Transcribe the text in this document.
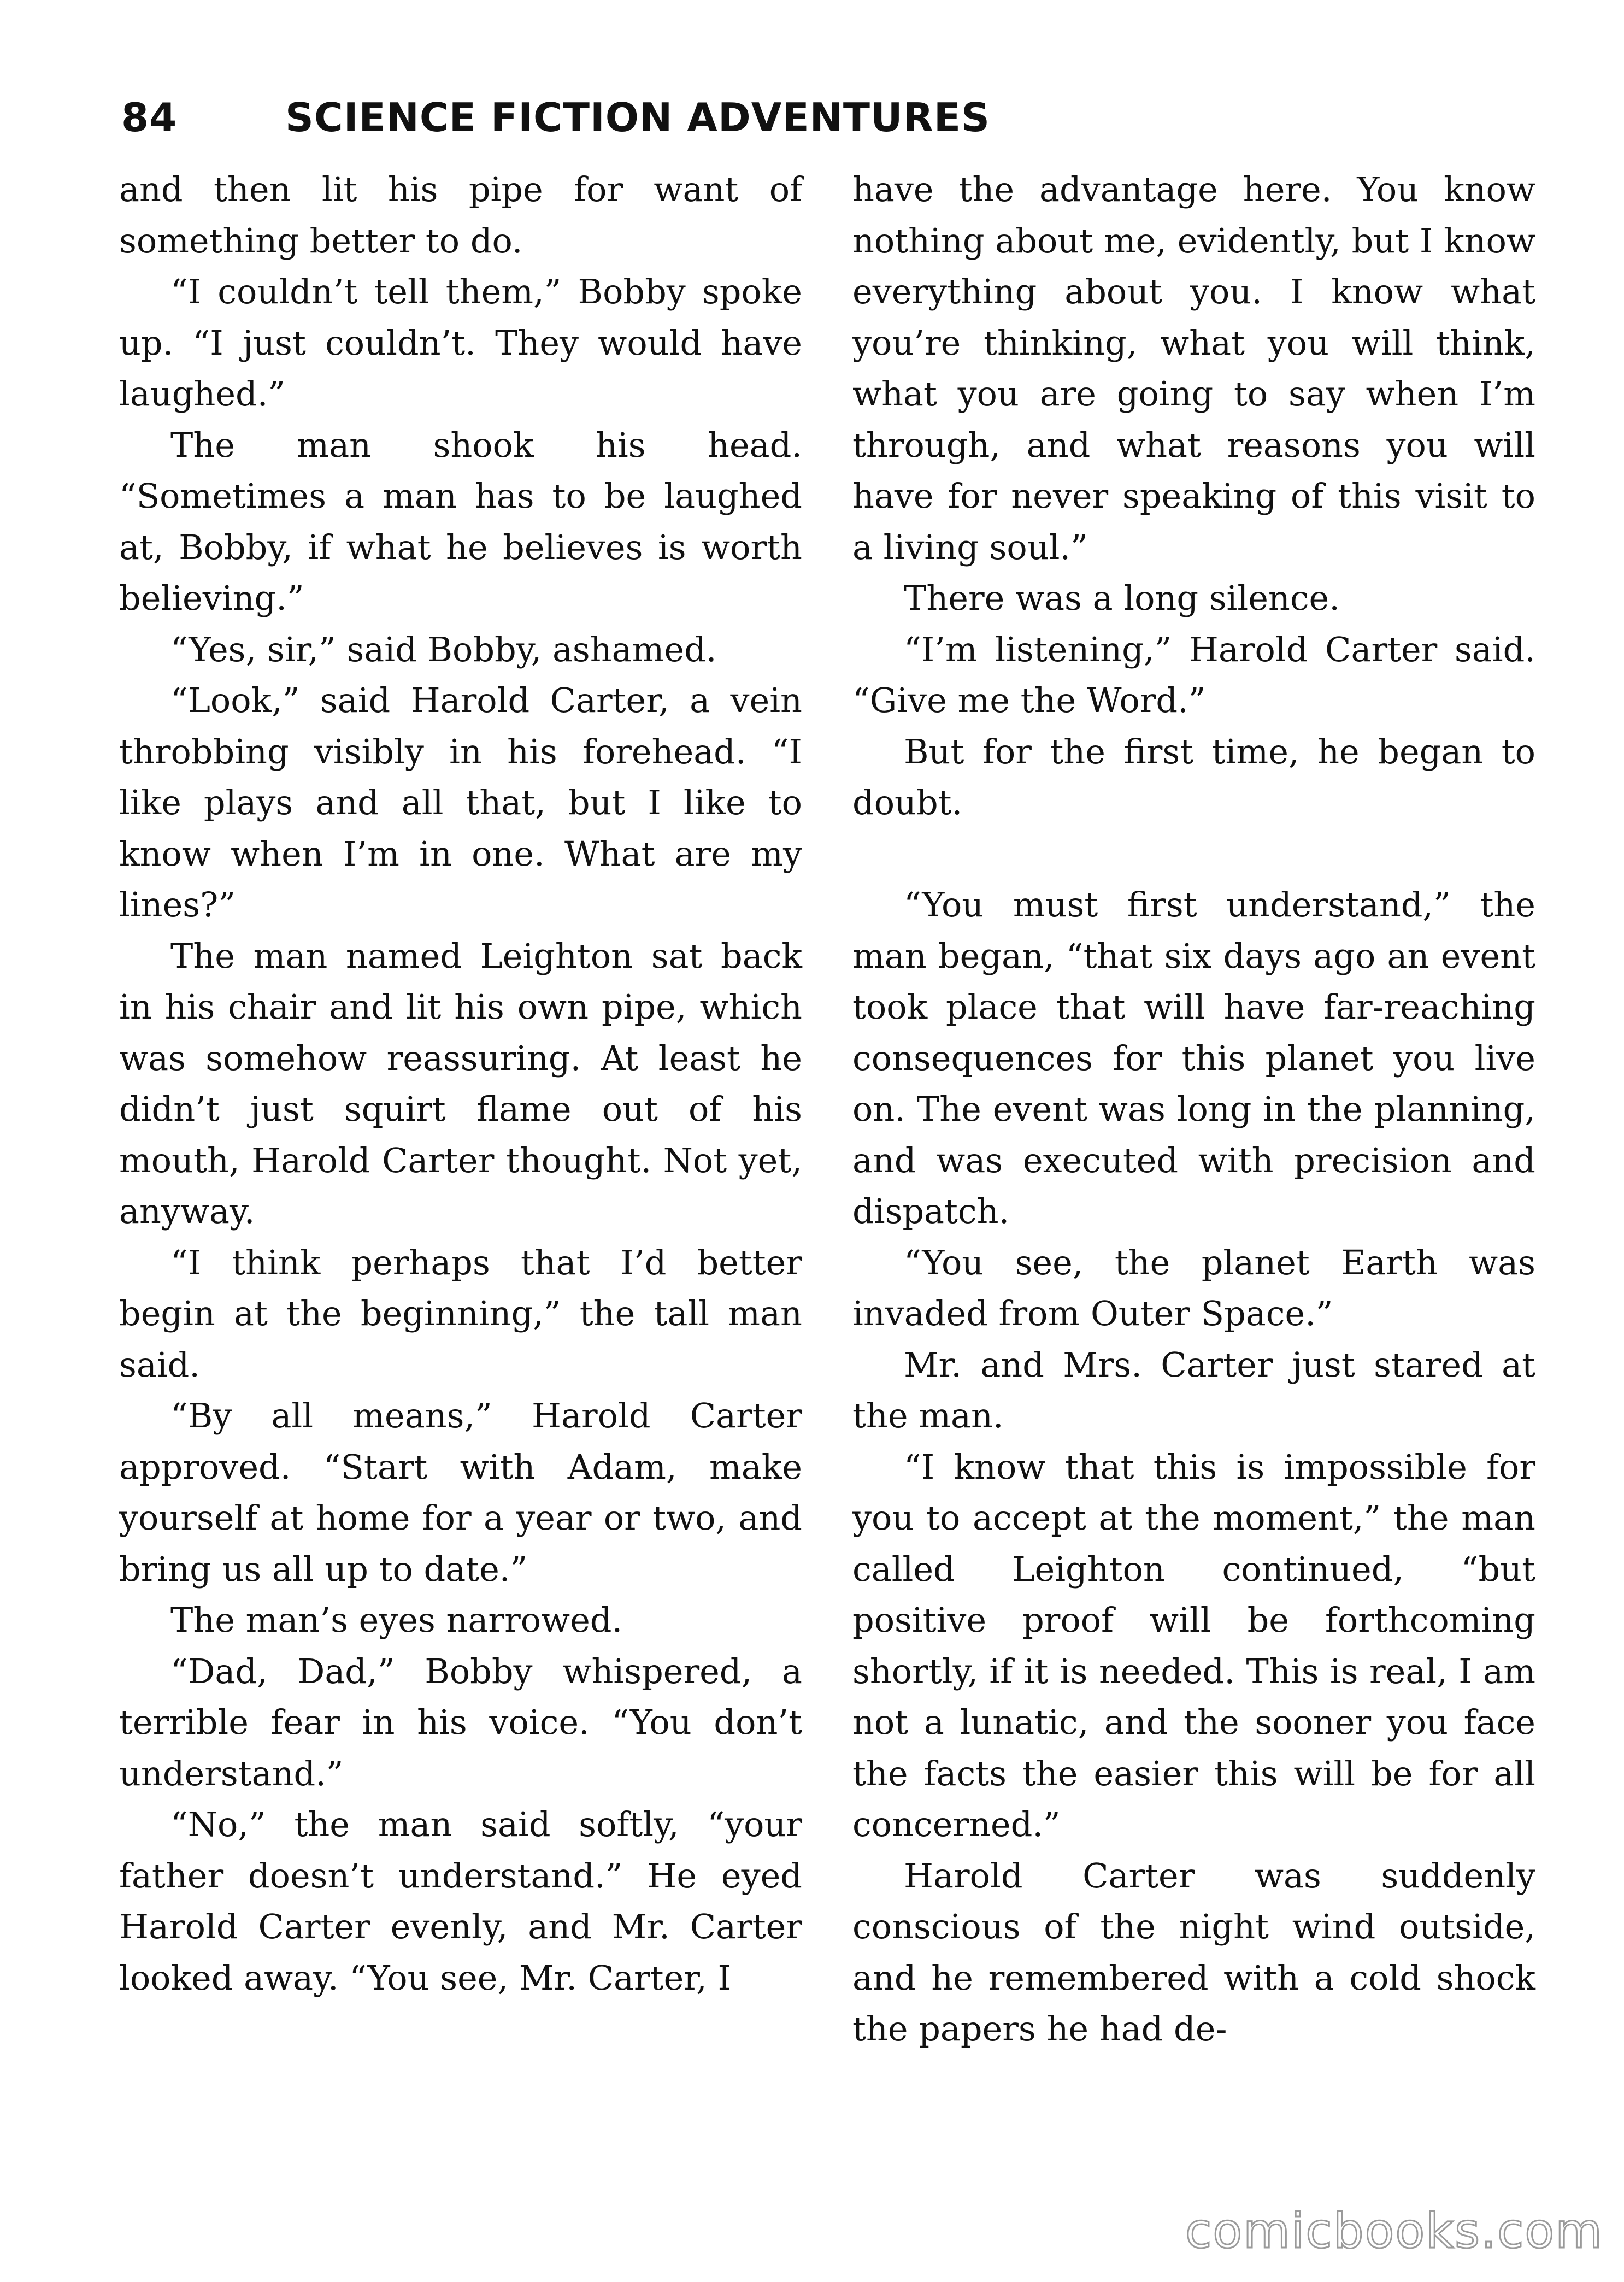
84	SCIENCE FICTION ADVENTURES

and then lit his pipe for want of something better to do.

“I couldn’t tell them,” Bobby spoke up. “I just couldn’t. They would have laughed.”

The man shook his head. “Sometimes a man has to be laughed at, Bobby, if what he believes is worth believing.”

“Yes, sir,” said Bobby, ashamed.

“Look,” said Harold Carter, a vein throbbing visibly in his forehead. “I like plays and all that, but I like to know when I’m in one. What are my lines?”

The man named Leighton sat back in his chair and lit his own pipe, which was somehow reassuring. At least he didn’t just squirt flame out of his mouth, Harold Carter thought. Not yet, anyway.

“I think perhaps that I’d better begin at the beginning,” the tall man said.

“By all means,” Harold Carter approved. “Start with Adam, make yourself at home for a year or two, and bring us all up to date.”

The man’s eyes narrowed.

“Dad, Dad,” Bobby whispered, a terrible fear in his voice. “You don’t understand.”

“No,” the man said softly, “your father doesn’t understand.” He eyed Harold Carter evenly, and Mr. Carter looked away. “You see, Mr. Carter, I

have the advantage here. You know nothing about me, evidently, but I know everything about you. I know what you’re thinking, what you will think, what you are going to say when I’m through, and what reasons you will have for never speaking of this visit to a living soul.”

There was a long silence.

“I’m listening,” Harold Carter said. “Give me the Word.”

But for the first time, he began to doubt.

“You must first understand,” the man began, “that six days ago an event took place that will have far-reaching consequences for this planet you live on. The event was long in the planning, and was executed with precision and dispatch.

“You see, the planet Earth was invaded from Outer Space.”

Mr. and Mrs. Carter just stared at the man.

“I know that this is impossible for you to accept at the moment,” the man called Leighton continued, “but positive proof will be forthcoming shortly, if it is needed. This is real, I am not a lunatic, and the sooner you face the facts the easier this will be for all concerned.”

Harold Carter was suddenly conscious of the night wind outside, and he remembered with a cold shock the papers he had de-

comicbooks.com
